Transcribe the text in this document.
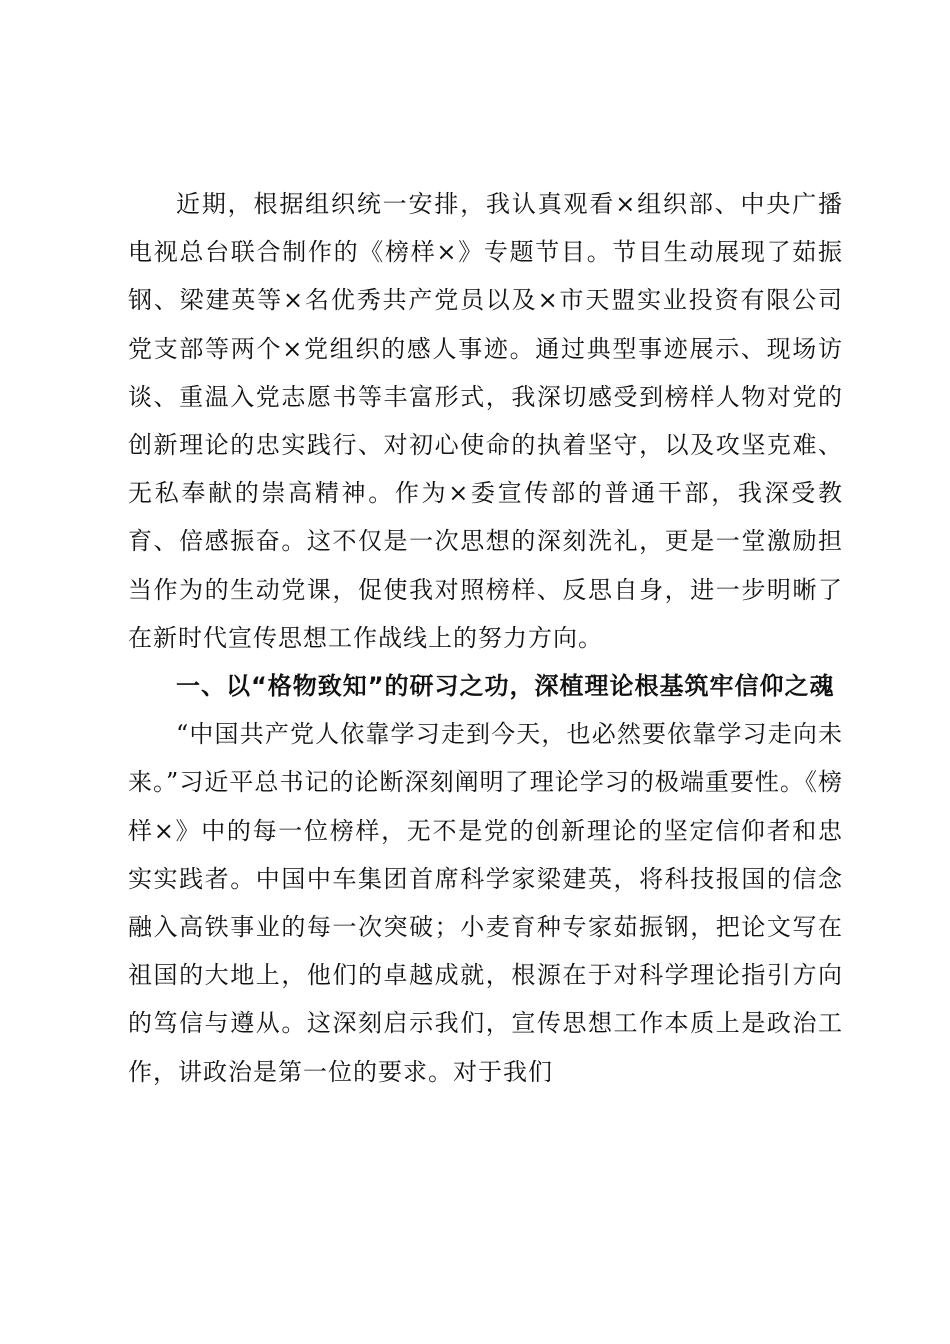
近期，根据组织统一安排，我认真观看×组织部、中央广播电视总台联合制作的《榜样×》专题节目。节目生动展现了茹振钢、梁建英等×名优秀共产党员以及×市天盟实业投资有限公司党支部等两个×党组织的感人事迹。通过典型事迹展示、现场访谈、重温入党志愿书等丰富形式，我深切感受到榜样人物对党的创新理论的忠实践行、对初心使命的执着坚守，以及攻坚克难、无私奉献的崇高精神。作为×委宣传部的普通干部，我深受教育、倍感振奋。这不仅是一次思想的深刻洗礼，更是一堂激励担当作为的生动党课，促使我对照榜样、反思自身，进一步明晰了在新时代宣传思想工作战线上的努力方向。

一、以“格物致知”的研习之功，深植理论根基筑牢信仰之魂

“中国共产党人依靠学习走到今天，也必然要依靠学习走向未来。”习近平总书记的论断深刻阐明了理论学习的极端重要性。《榜样×》中的每一位榜样，无不是党的创新理论的坚定信仰者和忠实实践者。中国中车集团首席科学家梁建英，将科技报国的信念融入高铁事业的每一次突破；小麦育种专家茹振钢，把论文写在祖国的大地上，他们的卓越成就，根源在于对科学理论指引方向的笃信与遵从。这深刻启示我们，宣传思想工作本质上是政治工作，讲政治是第一位的要求。对于我们
